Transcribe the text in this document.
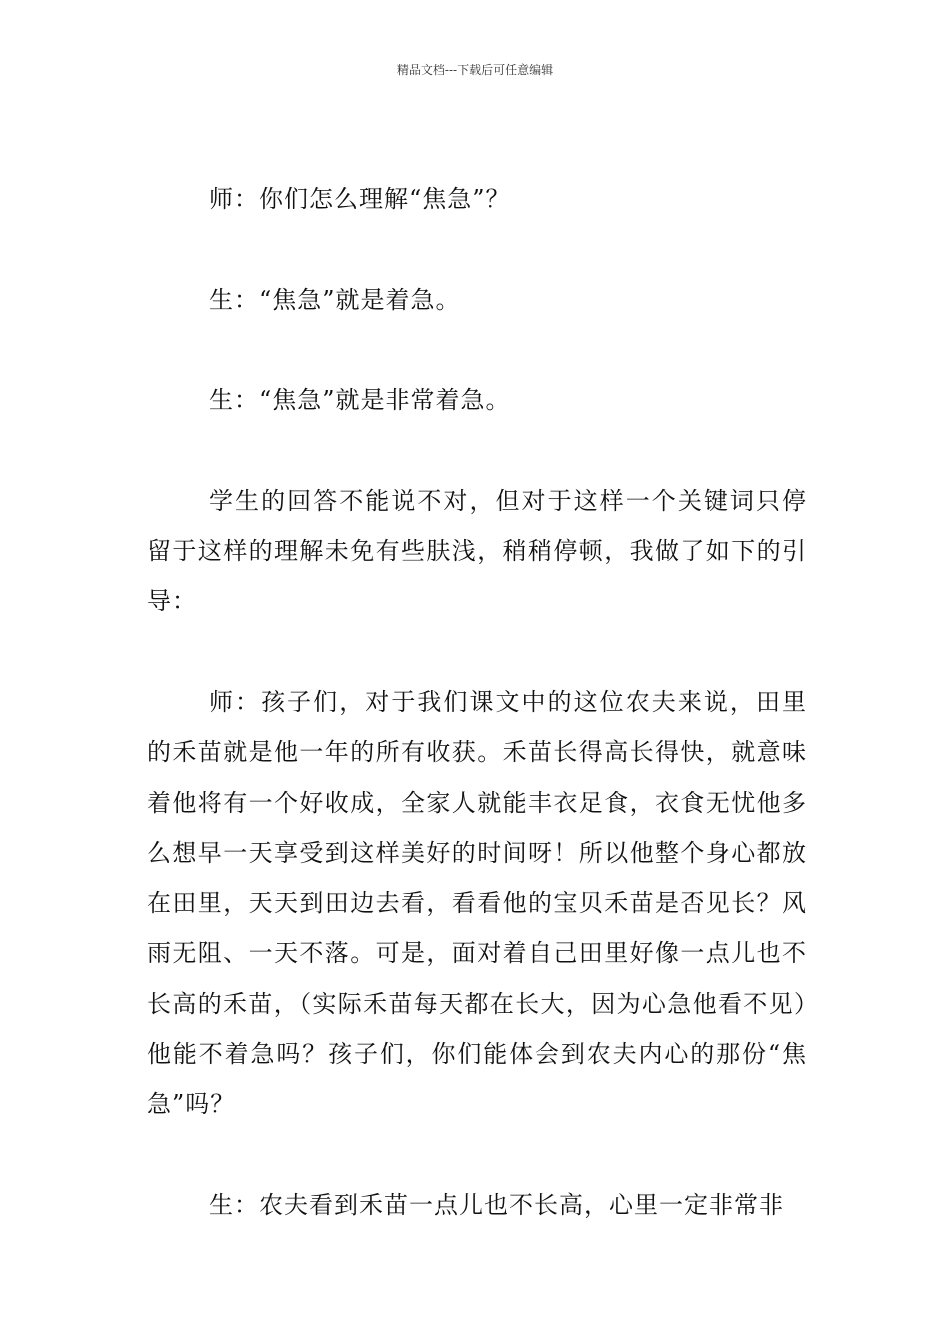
精品文档---下载后可任意编辑

师：你们怎么理解“焦急”？

生：“焦急”就是着急。

生：“焦急”就是非常着急。

学生的回答不能说不对，但对于这样一个关键词只停留于这样的理解未免有些肤浅，稍稍停顿，我做了如下的引导：

师：孩子们，对于我们课文中的这位农夫来说，田里的禾苗就是他一年的所有收获。禾苗长得高长得快，就意味着他将有一个好收成，全家人就能丰衣足食，衣食无忧他多么想早一天享受到这样美好的时间呀！所以他整个身心都放在田里，天天到田边去看，看看他的宝贝禾苗是否见长？风雨无阻、一天不落。可是，面对着自己田里好像一点儿也不长高的禾苗，（实际禾苗每天都在长大，因为心急他看不见）他能不着急吗？孩子们，你们能体会到农夫内心的那份“焦急”吗？

生：农夫看到禾苗一点儿也不长高，心里一定非常非
